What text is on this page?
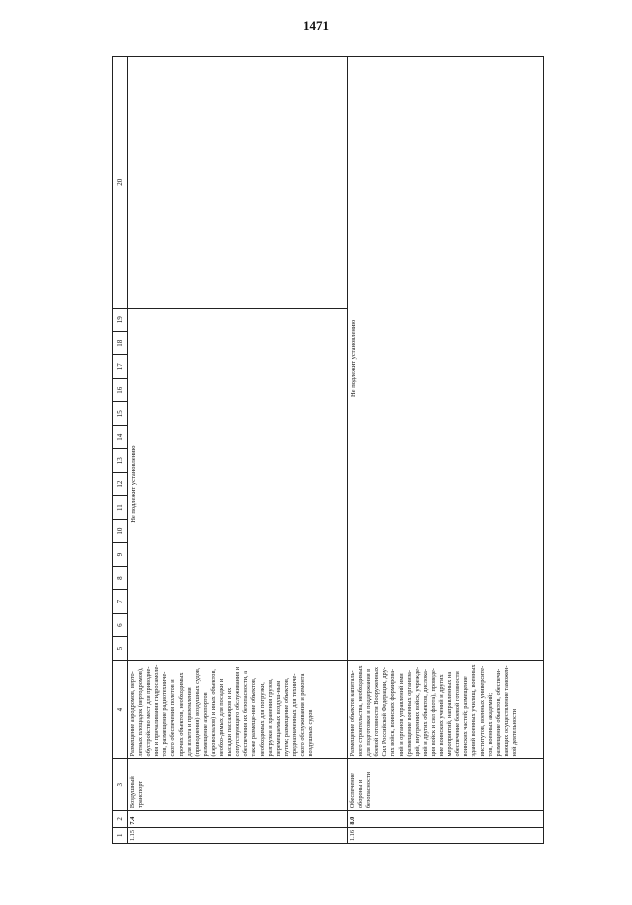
1471
1	2	3	4	5	6	7	8	9	10	11	12	13	14	15	16	17	18	19	20
1.15	7.4	Воздушный транспорт	Размещение аэродромов, верто-летных площадок (вертодромов), обустройство мест для приводне-ния и причаливания гидросамоле-тов, размещение радиотехниче-ского обеспечения полетов и прочих объектов, необходимых для взлета и приземления (приводнения) воздушных судов, размещение аэропортов (аэровокзалов) и иных объектов, необхо-димых для посадки и высадки пассажиров и их сопутствующего обслуживания и обеспечения их безопасности, а также размеще-ние объектов, необходимых для погрузки, разгрузки и хранения грузов, перемещаемых воздуш-ным путем; размещение объектов, предназначенных для техниче-ского обслуживания и ремонта воздушных судов	Не подлежит установлению															
1.16	8.0	Обеспечение обороны и безопасности	Размещение объектов капиталь-ного строительства, необходимых для подготовки и поддержания в боевой готовности Вооруженных Сил Российской Федерации, дру-гих войск, воинских формирова-ний и органов управлений ими (размещение военных организа-ций, внутренних войск, учрежде-ний и других объектов, дислока-ция войск и сил флота), проведе-ние воинских учений и других мероприятий, направленных на обеспечение боевой готовности воинских частей; размещение зданий военных училищ, военных институтов, военных университе-тов, военных академий; размещение объектов, обеспечи-вающих осуществление таможен-ной деятельности	Не подлежит установлению															
